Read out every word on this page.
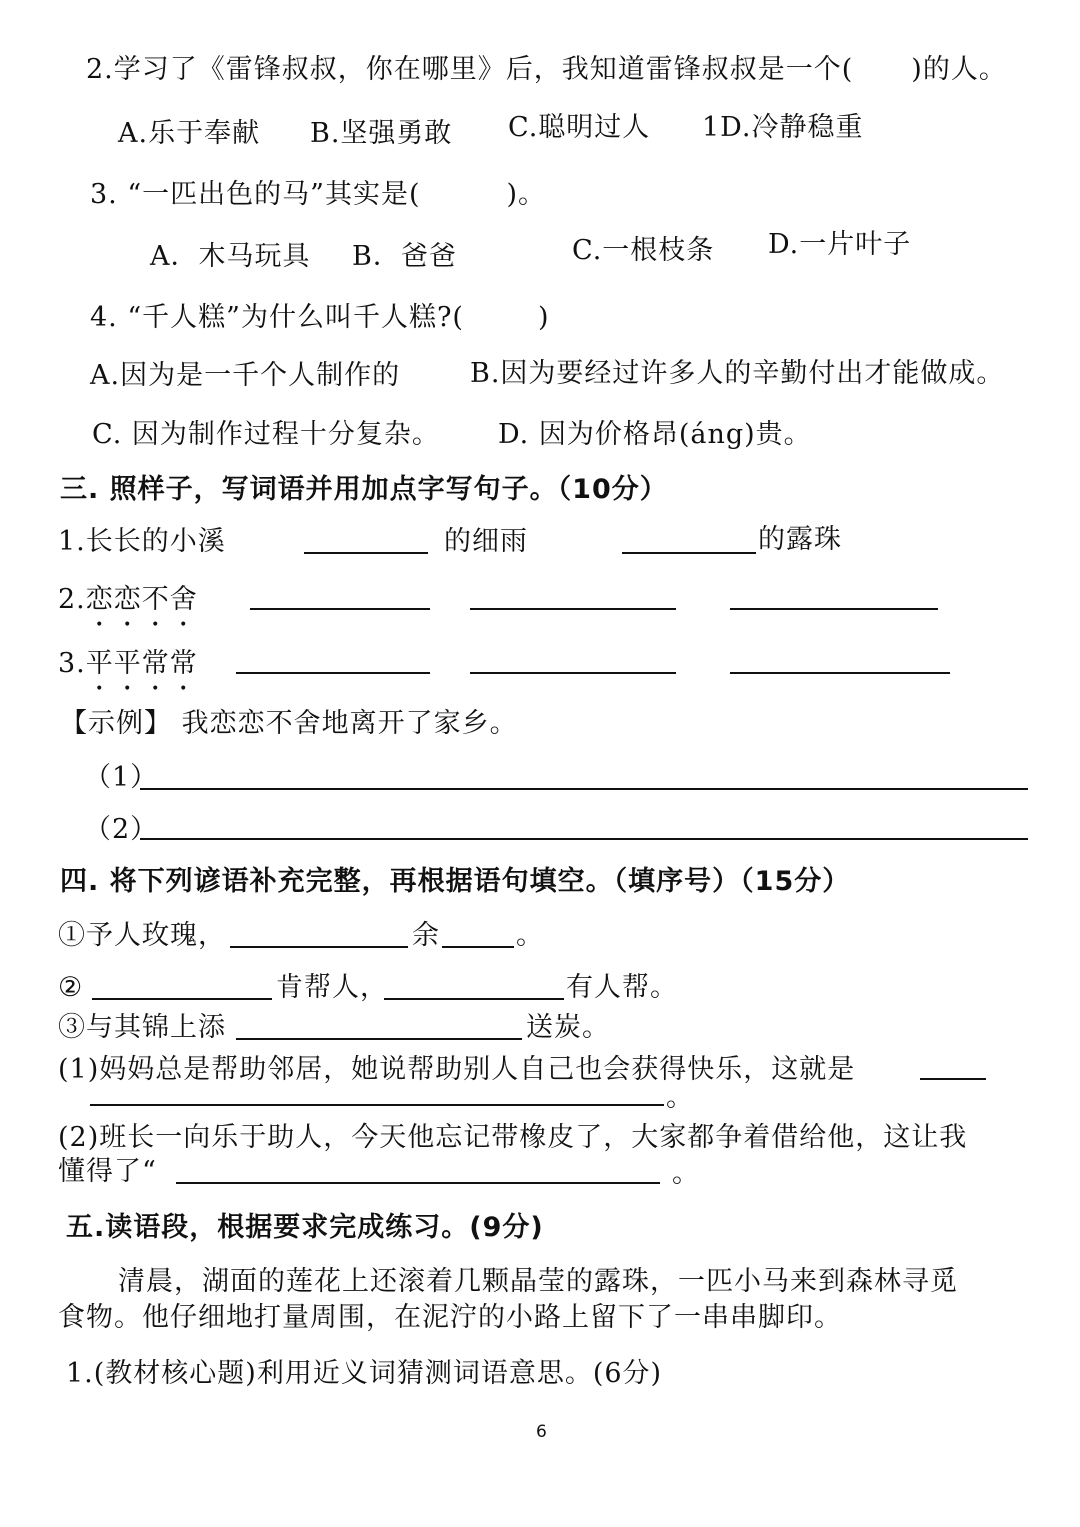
2.学习了《雷锋叔叔，你在哪里》后，我知道雷锋叔叔是一个( )的人。
A.乐于奉献 B.坚强勇敢 C.聪明过人 1D.冷静稳重
3. “一匹出色的马”其实是(	)。
A．木马玩具 B．爸爸	C.一根枝条 D.一片叶子
4. “千人糕”为什么叫千人糕?(	)
A.因为是一千个人制作的	B.因为要经过许多人的辛勤付出才能做成。
C. 因为制作过程十分复杂。 D. 因为价格昂(áng)贵。
三. 照样子，写词语并用加点字写句子。（10分）
1.长长的小溪	的细雨	的露珠
2.恋恋不舍
3.平平常常
【示例】 我恋恋不舍地离开了家乡。
（1）
（2）
四. 将下列谚语补充完整，再根据语句填空。（填序号）（15分）
①予人玫瑰，	余	。
②	肯帮人，	有人帮。
③与其锦上添	送炭。
(1)妈妈总是帮助邻居，她说帮助别人自己也会获得快乐，这就是
。
(2)班长一向乐于助人，今天他忘记带橡皮了，大家都争着借给他，这让我
懂得了“	。
五.读语段，根据要求完成练习。(9分)
清晨，湖面的莲花上还滚着几颗晶莹的露珠，一匹小马来到森林寻觅
食物。他仔细地打量周围，在泥泞的小路上留下了一串串脚印。
1.(教材核心题)利用近义词猜测词语意思。(6分)
6
